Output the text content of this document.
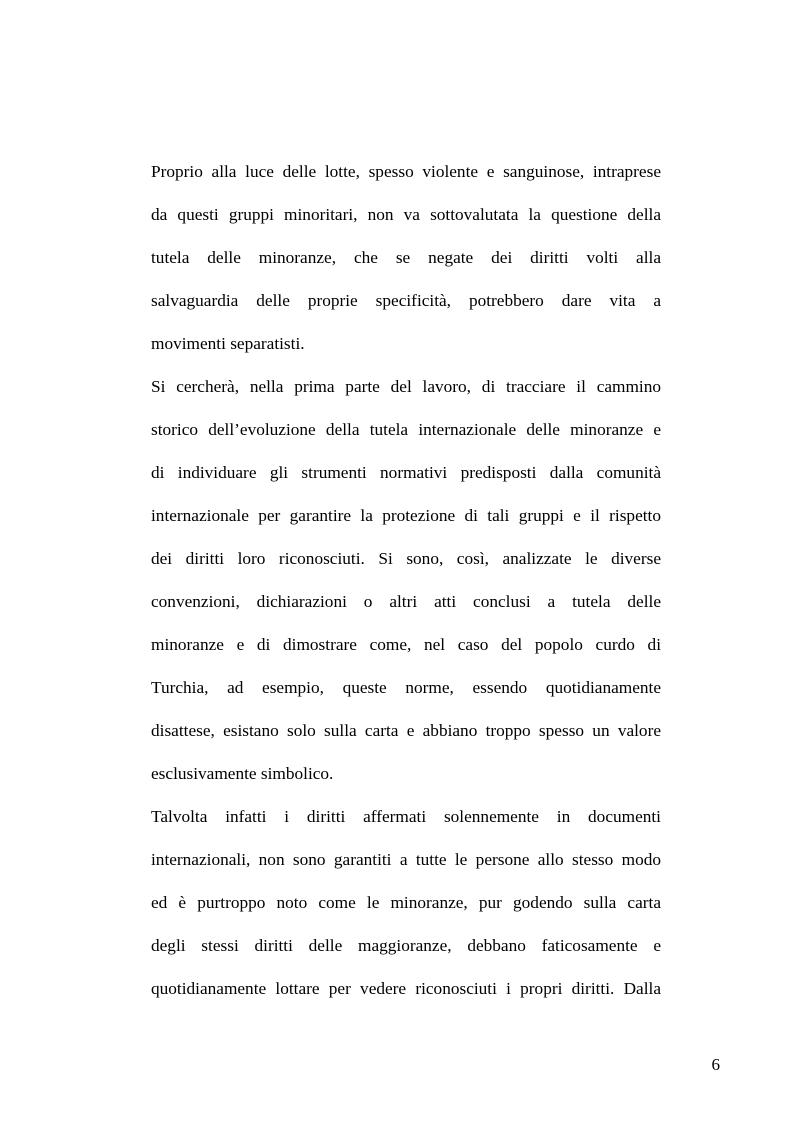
Proprio alla luce delle lotte, spesso violente e sanguinose, intraprese
da questi gruppi minoritari, non va sottovalutata la questione della
tutela delle minoranze, che se negate dei diritti volti alla
salvaguardia delle proprie specificità, potrebbero dare vita a
movimenti separatisti.
Si cercherà, nella prima parte del lavoro, di tracciare il cammino
storico dell’evoluzione della tutela internazionale delle minoranze e
di individuare gli strumenti normativi predisposti dalla comunità
internazionale per garantire la protezione di tali gruppi e il rispetto
dei diritti loro riconosciuti. Si sono, così, analizzate le diverse
convenzioni, dichiarazioni o altri atti conclusi a tutela delle
minoranze e di dimostrare come, nel caso del popolo curdo di
Turchia, ad esempio, queste norme, essendo quotidianamente
disattese, esistano solo sulla carta e abbiano troppo spesso un valore
esclusivamente simbolico.
Talvolta infatti i diritti affermati solennemente in documenti
internazionali, non sono garantiti a tutte le persone allo stesso modo
ed è purtroppo noto come le minoranze, pur godendo sulla carta
degli stessi diritti delle maggioranze, debbano faticosamente e
quotidianamente lottare per vedere riconosciuti i propri diritti. Dalla
6
